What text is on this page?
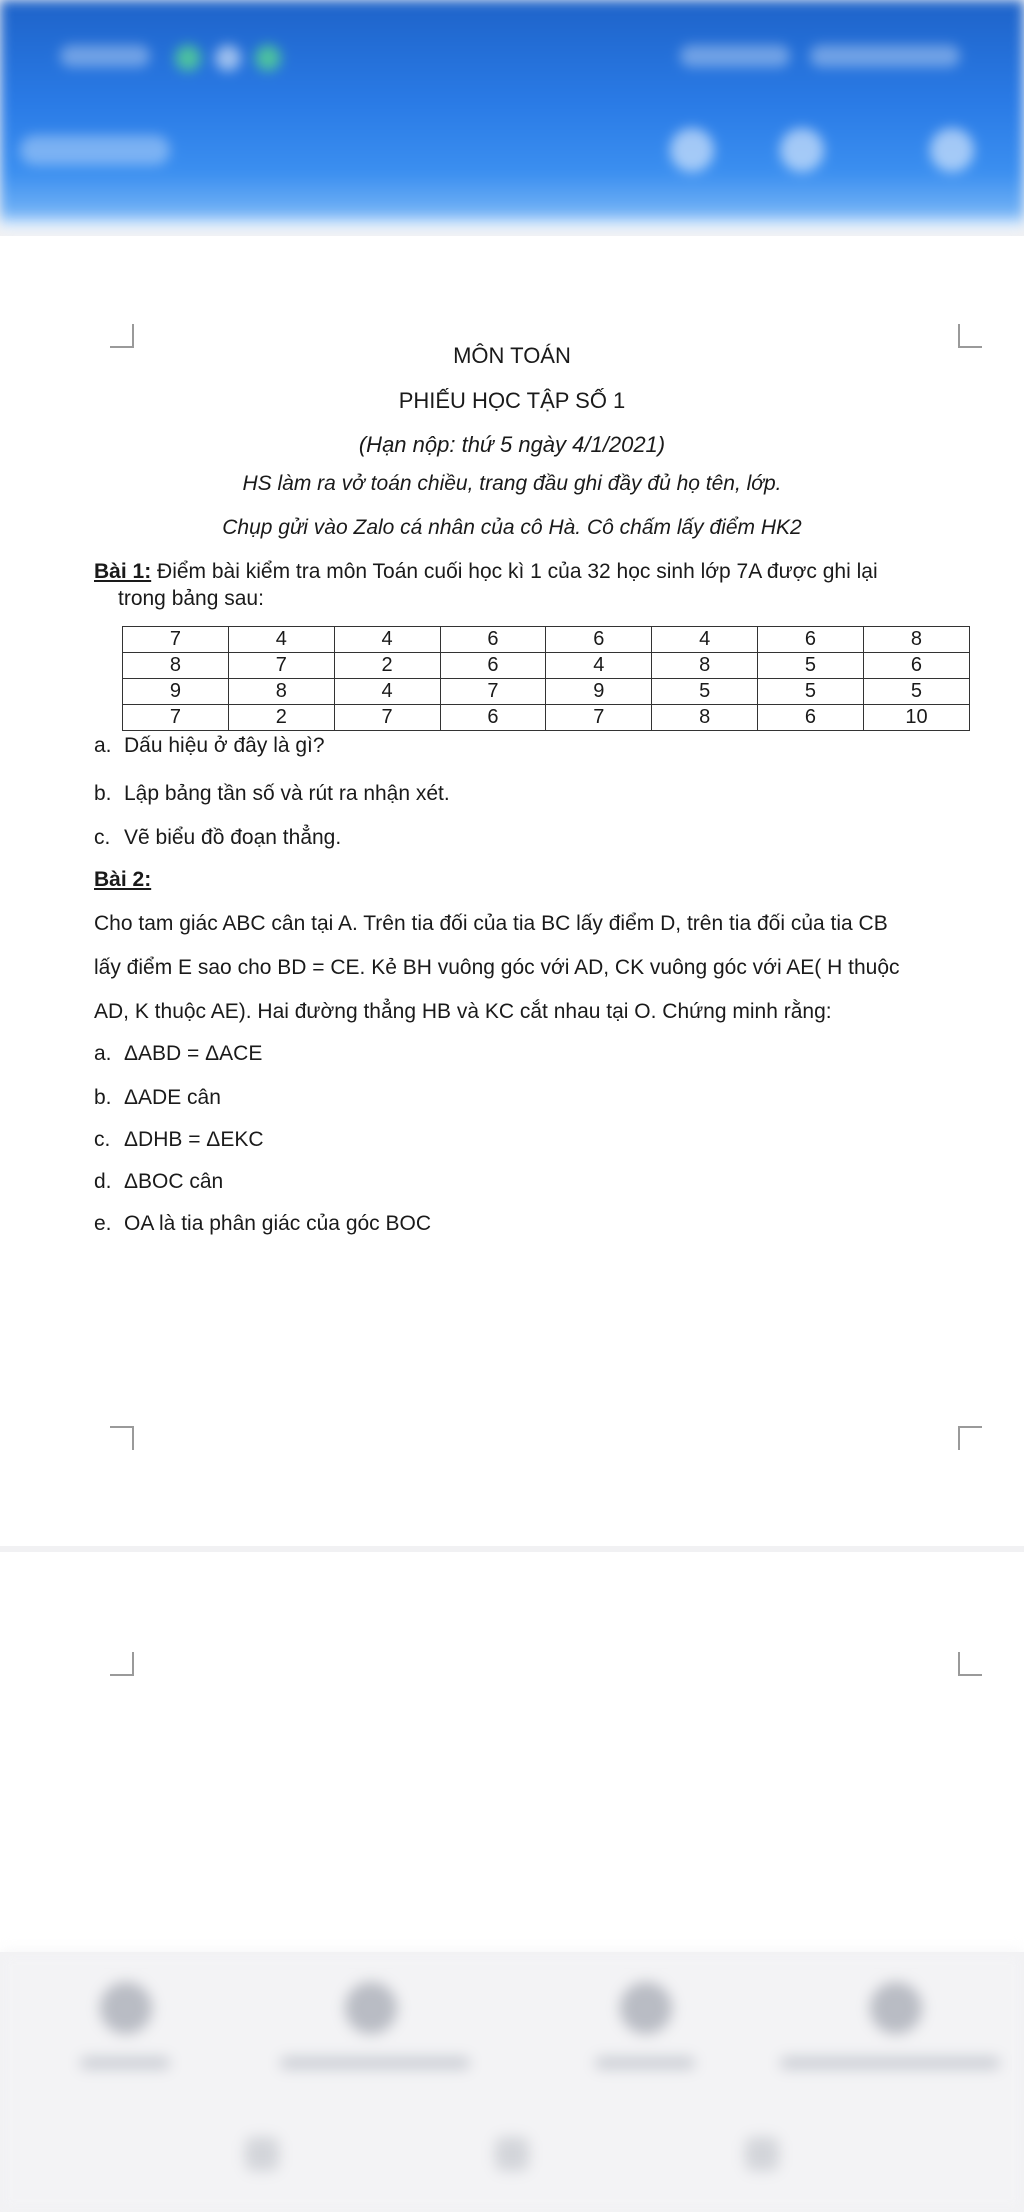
MÔN TOÁN
PHIẾU HỌC TẬP SỐ 1
(Hạn nộp: thứ 5 ngày 4/1/2021)
HS làm ra vở toán chiều, trang đầu ghi đầy đủ họ tên, lớp.
Chụp gửi vào Zalo cá nhân của cô Hà. Cô chấm lấy điểm HK2
Bài 1: Điểm bài kiểm tra môn Toán cuối học kì 1 của 32 học sinh lớp 7A được ghi lại
trong bảng sau:
7	4	4	6	6	4	6	8
8	7	2	6	4	8	5	6
9	8	4	7	9	5	5	5
7	2	7	6	7	8	6	10
a. Dấu hiệu ở đây là gì?
b. Lập bảng tần số và rút ra nhận xét.
c. Vẽ biểu đồ đoạn thẳng.
Bài 2:
Cho tam giác ABC cân tại A. Trên tia đối của tia BC lấy điểm D, trên tia đối của tia CB
lấy điểm E sao cho BD = CE. Kẻ BH vuông góc với AD, CK vuông góc với AE( H thuộc
AD, K thuộc AE). Hai đường thẳng HB và KC cắt nhau tại O. Chứng minh rằng:
a. ΔABD = ΔACE
b. ΔADE cân
c. ΔDHB = ΔEKC
d. ΔBOC cân
e. OA là tia phân giác của góc BOC
